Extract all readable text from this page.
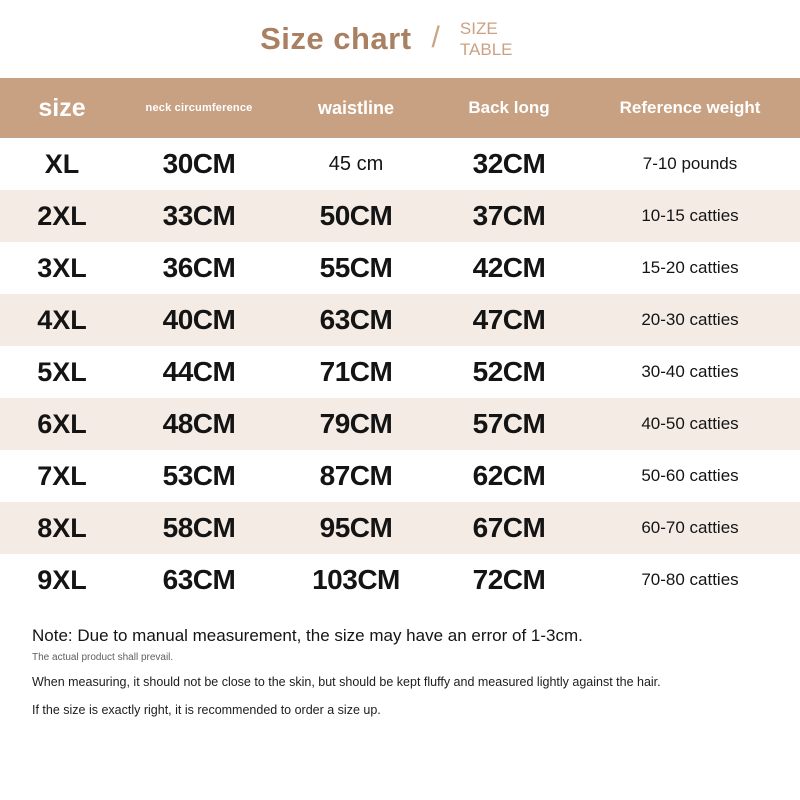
Size chart / SIZE TABLE
size	neck circumference	waistline	Back long	Reference weight
XL	30CM	45 cm	32CM	7-10 pounds
2XL	33CM	50CM	37CM	10-15 catties
3XL	36CM	55CM	42CM	15-20 catties
4XL	40CM	63CM	47CM	20-30 catties
5XL	44CM	71CM	52CM	30-40 catties
6XL	48CM	79CM	57CM	40-50 catties
7XL	53CM	87CM	62CM	50-60 catties
8XL	58CM	95CM	67CM	60-70 catties
9XL	63CM	103CM	72CM	70-80 catties

Note: Due to manual measurement, the size may have an error of 1-3cm.

The actual product shall prevail.

When measuring, it should not be close to the skin, but should be kept fluffy and measured lightly against the hair.

If the size is exactly right, it is recommended to order a size up.
